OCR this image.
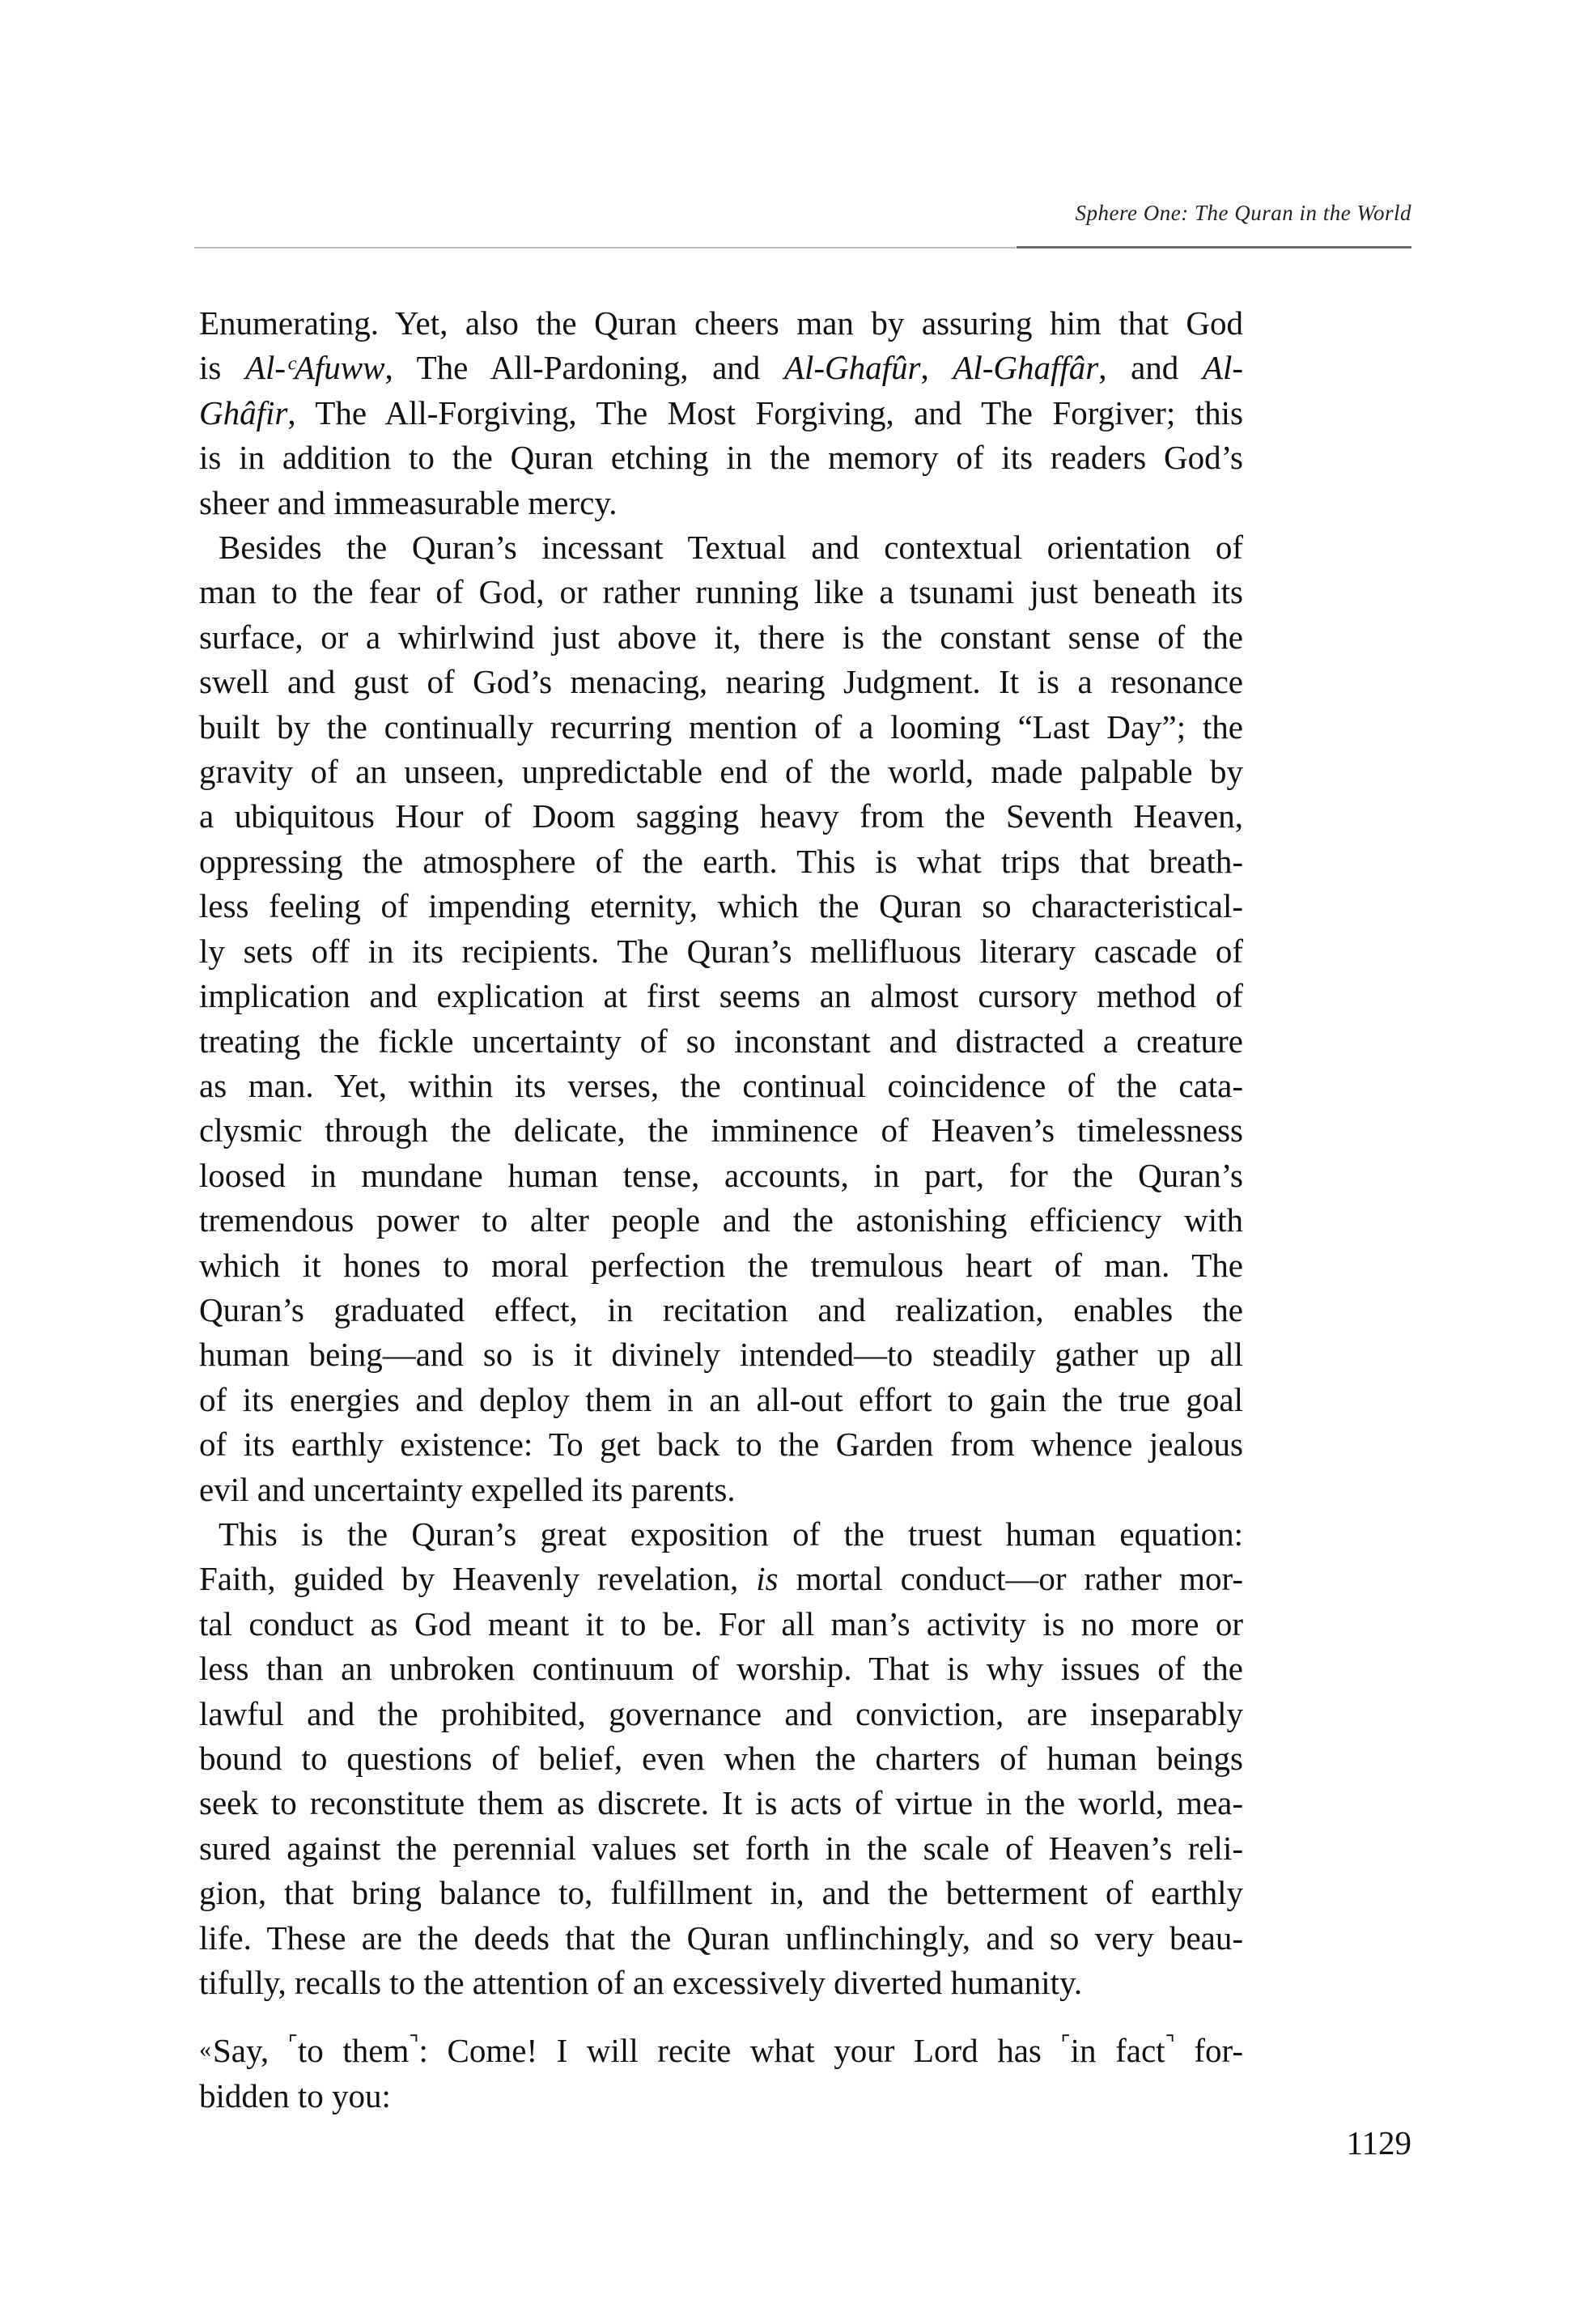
Sphere One: The Quran in the World

Enumerating. Yet, also the Quran cheers man by assuring him that God
is Al-ᶜAfuww, The All-Pardoning, and Al-Ghafûr, Al-Ghaffâr, and Al-
Ghâfir, The All-Forgiving, The Most Forgiving, and The Forgiver; this
is in addition to the Quran etching in the memory of its readers God’s
sheer and immeasurable mercy.

Besides the Quran’s incessant Textual and contextual orientation of
man to the fear of God, or rather running like a tsunami just beneath its
surface, or a whirlwind just above it, there is the constant sense of the
swell and gust of God’s menacing, nearing Judgment. It is a resonance
built by the continually recurring mention of a looming “Last Day”; the
gravity of an unseen, unpredictable end of the world, made palpable by
a ubiquitous Hour of Doom sagging heavy from the Seventh Heaven,
oppressing the atmosphere of the earth. This is what trips that breath-
less feeling of impending eternity, which the Quran so characteristical-
ly sets off in its recipients. The Quran’s mellifluous literary cascade of
implication and explication at first seems an almost cursory method of
treating the fickle uncertainty of so inconstant and distracted a creature
as man. Yet, within its verses, the continual coincidence of the cata-
clysmic through the delicate, the imminence of Heaven’s timelessness
loosed in mundane human tense, accounts, in part, for the Quran’s
tremendous power to alter people and the astonishing efficiency with
which it hones to moral perfection the tremulous heart of man. The
Quran’s graduated effect, in recitation and realization, enables the
human being—and so is it divinely intended—to steadily gather up all
of its energies and deploy them in an all-out effort to gain the true goal
of its earthly existence: To get back to the Garden from whence jealous
evil and uncertainty expelled its parents.

This is the Quran’s great exposition of the truest human equation:
Faith, guided by Heavenly revelation, is mortal conduct—or rather mor-
tal conduct as God meant it to be. For all man’s activity is no more or
less than an unbroken continuum of worship. That is why issues of the
lawful and the prohibited, governance and conviction, are inseparably
bound to questions of belief, even when the charters of human beings
seek to reconstitute them as discrete. It is acts of virtue in the world, mea-
sured against the perennial values set forth in the scale of Heaven’s reli-
gion, that bring balance to, fulfillment in, and the betterment of earthly
life. These are the deeds that the Quran unflinchingly, and so very beau-
tifully, recalls to the attention of an excessively diverted humanity.

«Say, ⌜to them⌝: Come! I will recite what your Lord has ⌜in fact⌝ for-
bidden to you:

1129
